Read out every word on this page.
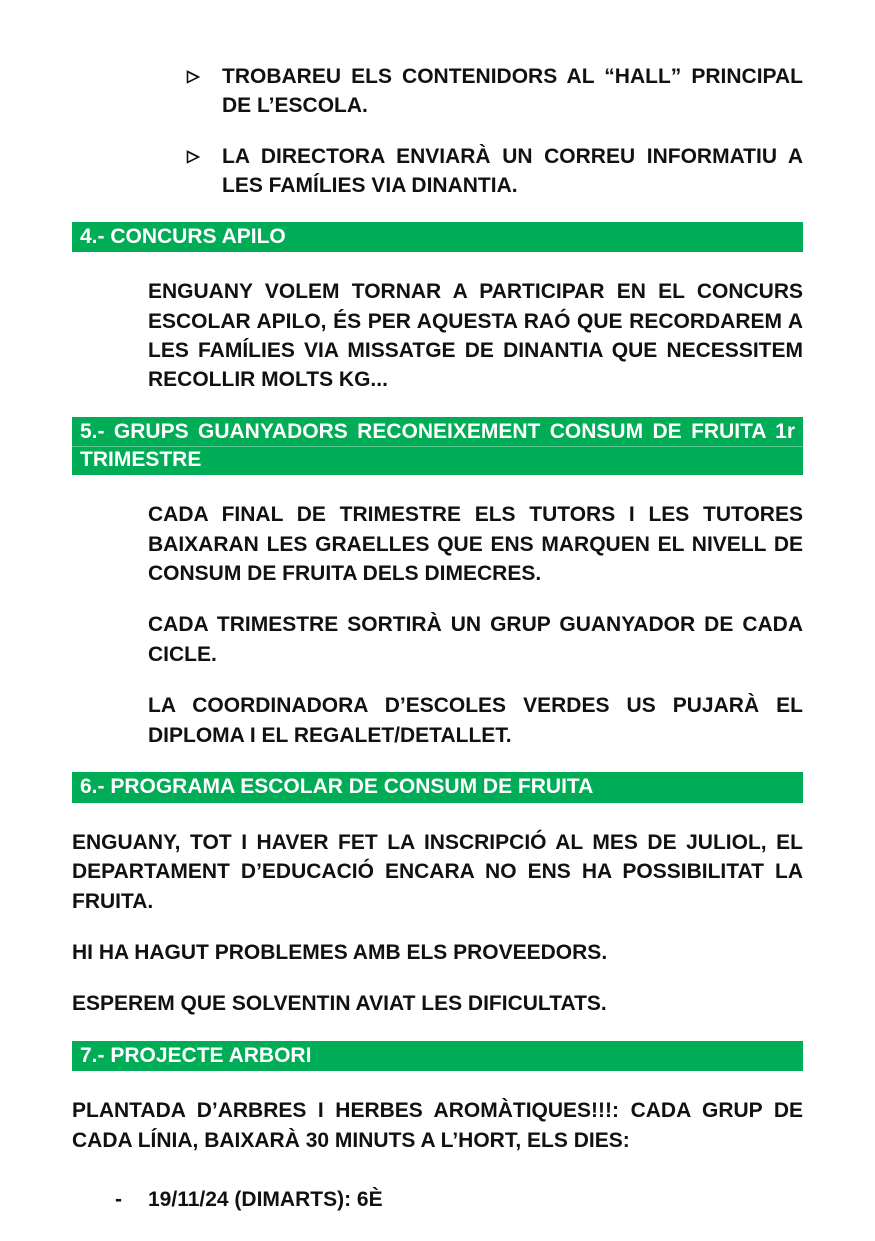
TROBAREU ELS CONTENIDORS AL “HALL” PRINCIPAL DE L’ESCOLA.
LA DIRECTORA ENVIARÀ UN CORREU INFORMATIU A LES FAMÍLIES VIA DINANTIA.
4.- CONCURS APILO

ENGUANY VOLEM TORNAR A PARTICIPAR EN EL CONCURS ESCOLAR APILO, ÉS PER AQUESTA RAÓ QUE RECORDAREM A LES FAMÍLIES VIA MISSATGE DE DINANTIA QUE NECESSITEM RECOLLIR MOLTS KG...

5.- GRUPS GUANYADORS RECONEIXEMENT CONSUM DE FRUITA 1r TRIMESTRE

CADA FINAL DE TRIMESTRE ELS TUTORS I LES TUTORES BAIXARAN LES GRAELLES QUE ENS MARQUEN EL NIVELL DE CONSUM DE FRUITA DELS DIMECRES.

CADA TRIMESTRE SORTIRÀ UN GRUP GUANYADOR DE CADA CICLE.

LA COORDINADORA D’ESCOLES VERDES US PUJARÀ EL DIPLOMA I EL REGALET/DETALLET.

6.- PROGRAMA ESCOLAR DE CONSUM DE FRUITA

ENGUANY, TOT I HAVER FET LA INSCRIPCIÓ AL MES DE JULIOL, EL DEPARTAMENT D’EDUCACIÓ ENCARA NO ENS HA POSSIBILITAT LA FRUITA.

HI HA HAGUT PROBLEMES AMB ELS PROVEEDORS.

ESPEREM QUE SOLVENTIN AVIAT LES DIFICULTATS.

7.- PROJECTE ARBORI

PLANTADA D’ARBRES I HERBES AROMÀTIQUES!!!: CADA GRUP DE CADA LÍNIA, BAIXARÀ 30 MINUTS A L’HORT, ELS DIES:

- 19/11/24 (DIMARTS): 6È
